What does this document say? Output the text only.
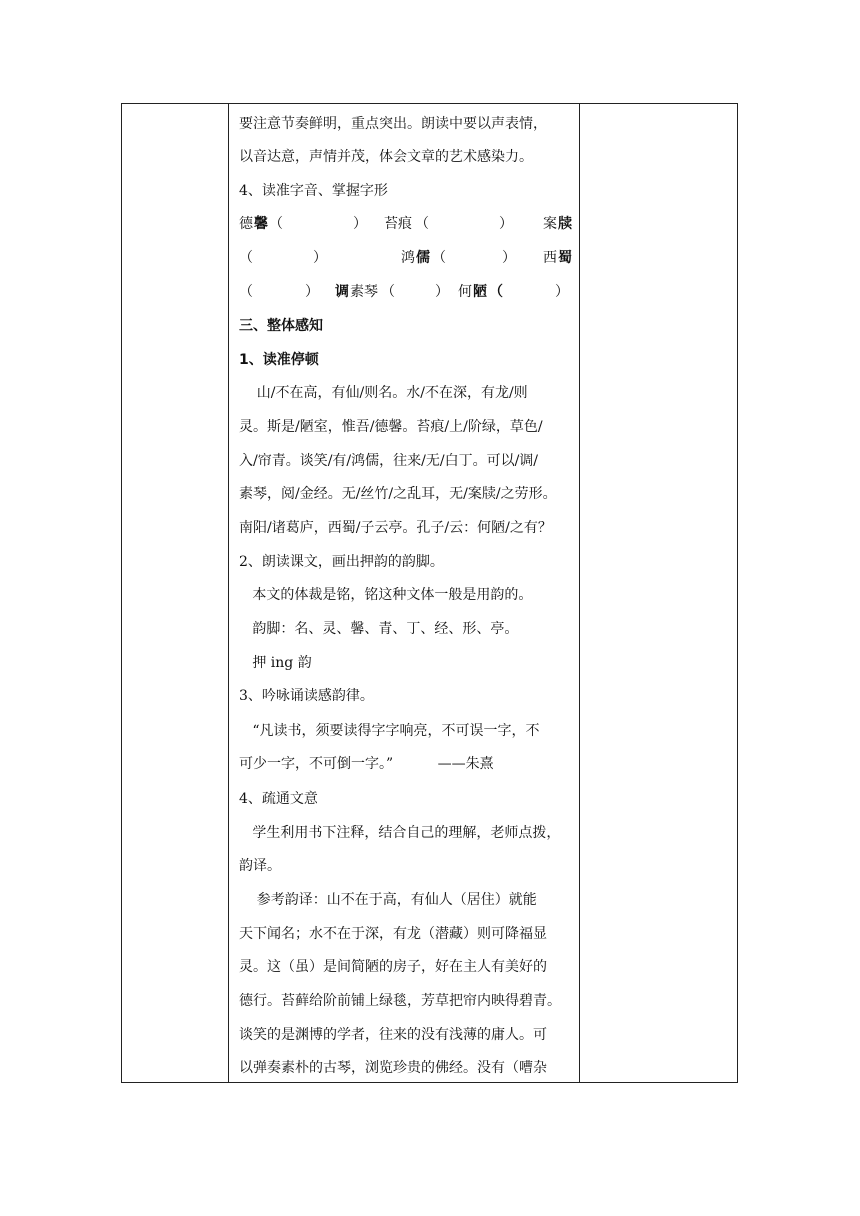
要注意节奏鲜明，重点突出。朗读中要以声表情，
以音达意，声情并茂，体会文章的艺术感染力。
4、读准字音、掌握字形
德 馨 （	） 苔痕 （	） 案 牍
（	）	鸿 儒 （	） 西 蜀
（	） 调 素琴 （	） 何 陋 （	）
三、整体感知
1、读准停顿
山/不在高，有仙/则名。水/不在深，有龙/则
灵。斯是/陋室，惟吾/德馨。苔痕/上/阶绿，草色/
入/帘青。谈笑/有/鸿儒，往来/无/白丁。可以/调/
素琴，阅/金经。无/丝竹/之乱耳，无/案牍/之劳形。
南阳/诸葛庐，西蜀/子云亭。孔子/云：何陋/之有？
2、朗读课文，画出押韵的韵脚。
本文的体裁是铭，铭这种文体一般是用韵的。
韵脚：名、灵、馨、青、丁、经、形、亭。
押 ing 韵
3、吟咏诵读感韵律。
“凡读书，须要读得字字响亮，不可误一字，不
可少一字，不可倒一字。”          ——朱熹
4、疏通文意
学生利用书下注释，结合自己的理解，老师点拨，
韵译。
参考韵译：山不在于高，有仙人（居住）就能
天下闻名；水不在于深，有龙（潜藏）则可降福显
灵。这（虽）是间简陋的房子，好在主人有美好的
德行。苔藓给阶前铺上绿毯，芳草把帘内映得碧青。
谈笑的是渊博的学者，往来的没有浅薄的庸人。可
以弹奏素朴的古琴，浏览珍贵的佛经。没有（嘈杂
